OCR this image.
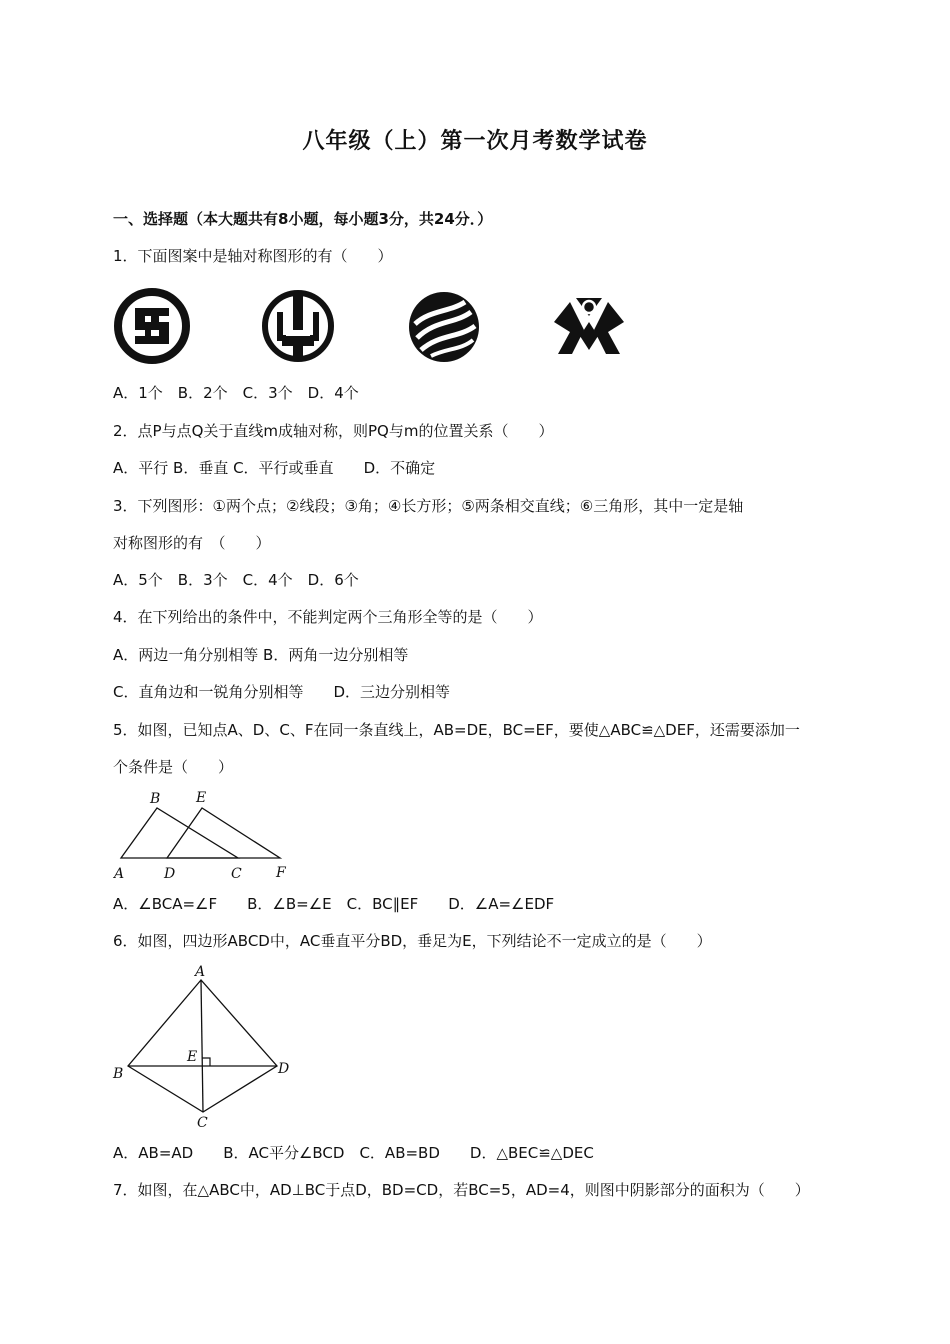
八年级（上）第一次月考数学试卷
一、选择题（本大题共有8小题，每小题3分，共24分．）
1．下面图案中是轴对称图形的有（　　）
A．1个　B．2个　C．3个　D．4个
2．点P与点Q关于直线m成轴对称，则PQ与m的位置关系（　　）
A．平行 B．垂直 C．平行或垂直　　D．不确定
3．下列图形：①两个点；②线段；③角；④长方形；⑤两条相交直线；⑥三角形，其中一定是轴
对称图形的有　（　　）
A．5个　B．3个　C．4个　D．6个
4．在下列给出的条件中，不能判定两个三角形全等的是（　　）
A．两边一角分别相等 B．两角一边分别相等
C．直角边和一锐角分别相等　　D．三边分别相等
5．如图，已知点A、D、C、F在同一条直线上，AB=DE，BC=EF，要使△ABC≌△DEF，还需要添加一
个条件是（　　）
B	E
A	D	C F
A．∠BCA=∠F　　B．∠B=∠E　C．BC∥EF　　D．∠A=∠EDF
6．如图，四边形ABCD中，AC垂直平分BD，垂足为E，下列结论不一定成立的是（　　）
A
E
B	D
C
A．AB=AD　　B．AC平分∠BCD　C．AB=BD　　D．△BEC≌△DEC
7．如图，在△ABC中，AD⊥BC于点D，BD=CD，若BC=5，AD=4，则图中阴影部分的面积为（　　）
